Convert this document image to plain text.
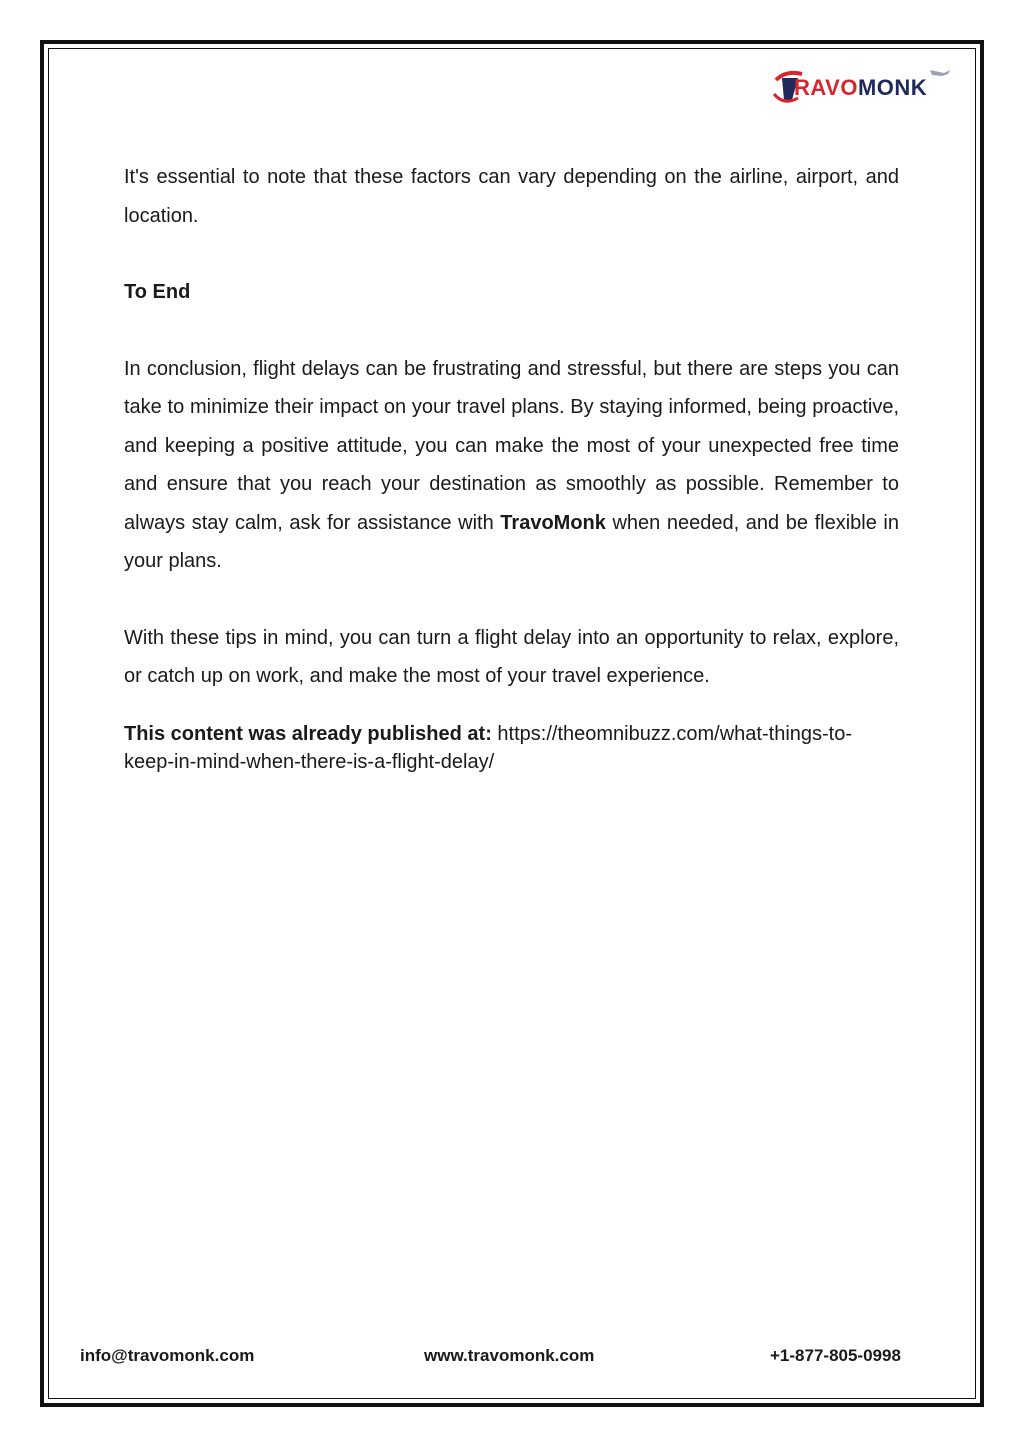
RAVOMONK

It's essential to note that these factors can vary depending on the airline, airport, and location.

To End

In conclusion, flight delays can be frustrating and stressful, but there are steps you can take to minimize their impact on your travel plans. By staying informed, being proactive, and keeping a positive attitude, you can make the most of your unexpected free time and ensure that you reach your destination as smoothly as possible. Remember to always stay calm, ask for assistance with TravoMonk when needed, and be flexible in your plans.

With these tips in mind, you can turn a flight delay into an opportunity to relax, explore, or catch up on work, and make the most of your travel experience.

This content was already published at: https://theomnibuzz.com/what-things-to-keep-in-mind-when-there-is-a-flight-delay/

info@travomonk.com	www.travomonk.com	+1-877-805-0998
